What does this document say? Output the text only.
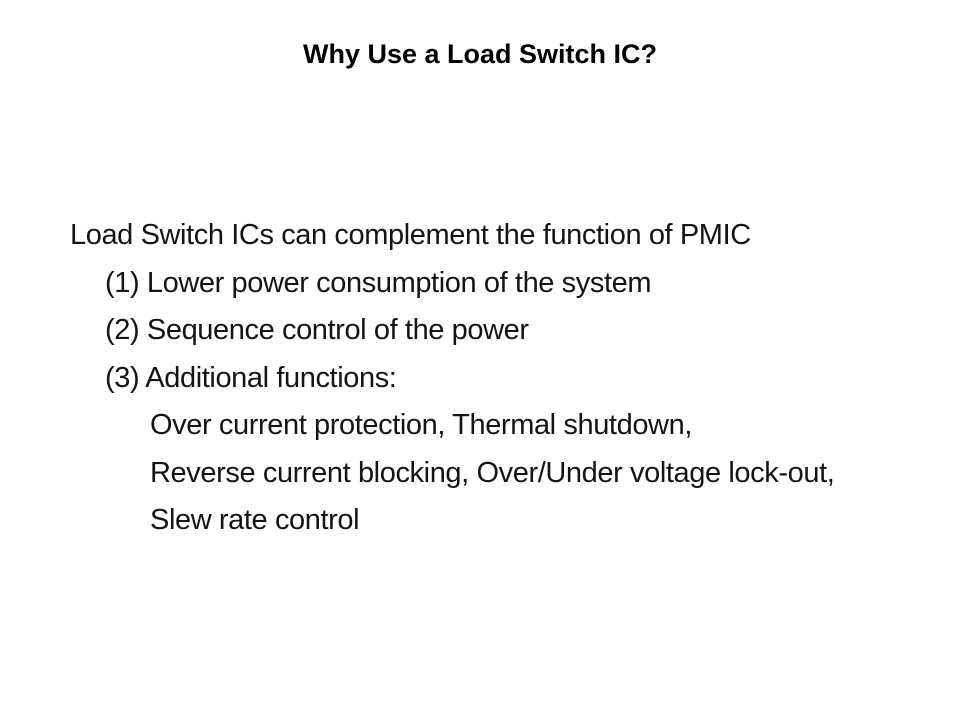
Why Use a Load Switch IC?
Load Switch ICs can complement the function of PMIC
(1) Lower power consumption of the system
(2) Sequence control of the power
(3) Additional functions:
Over current protection, Thermal shutdown,
Reverse current blocking, Over/Under voltage lock-out,
Slew rate control
